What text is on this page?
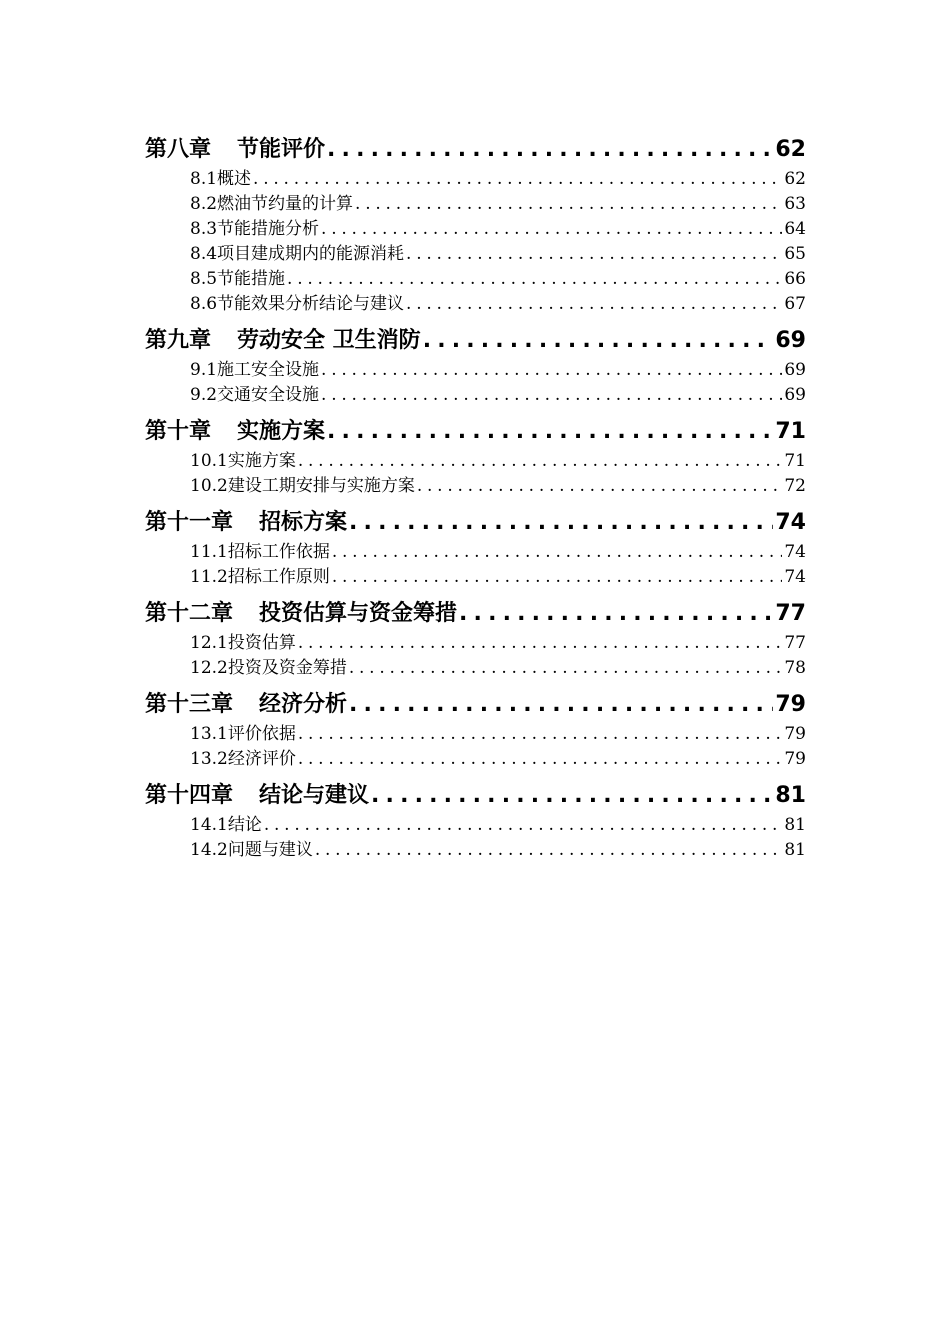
第八章 节能评价 .....	62
8.1概述 .....	62
8.2燃油节约量的计算 .....	63
8.3节能措施分析 .....	64
8.4项目建成期内的能源消耗 .....	65
8.5节能措施 .....	66
8.6节能效果分析结论与建议 .....	67
第九章 劳动安全 卫生消防 .....	69
9.1施工安全设施 .....	69
9.2交通安全设施 .....	69
第十章 实施方案 .....	71
10.1实施方案 .....	71
10.2建设工期安排与实施方案 .....	72
第十一章 招标方案 .....	74
11.1招标工作依据 .....	74
11.2招标工作原则 .....	74
第十二章 投资估算与资金筹措 .....	77
12.1投资估算 .....	77
12.2投资及资金筹措 .....	78
第十三章 经济分析 .....	79
13.1评价依据 .....	79
13.2经济评价 .....	79
第十四章 结论与建议 .....	81
14.1结论 .....	81
14.2问题与建议 .....	81
